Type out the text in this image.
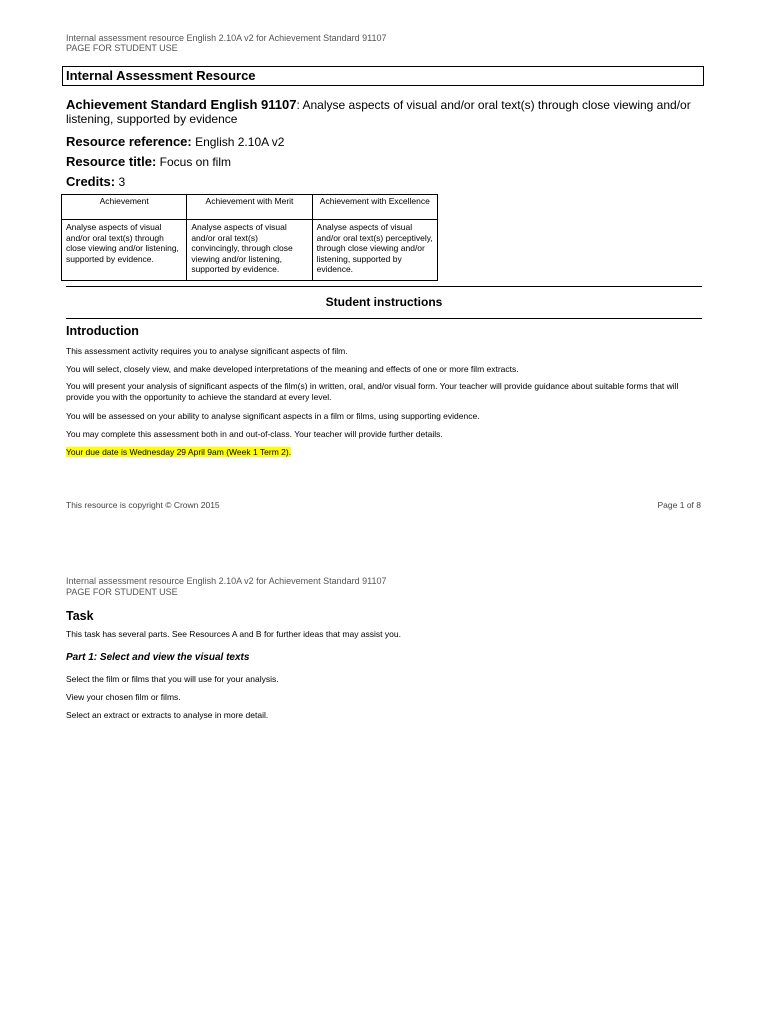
Internal assessment resource English 2.10A v2 for Achievement Standard 91107
PAGE FOR STUDENT USE
Internal Assessment Resource
Achievement Standard English 91107: Analyse aspects of visual and/or oral text(s) through close viewing and/or listening, supported by evidence
Resource reference: English 2.10A v2
Resource title: Focus on film
Credits: 3
Achievement	Achievement with Merit	Achievement with Excellence
Analyse aspects of visual and/or oral text(s) through close viewing and/or listening, supported by evidence.	Analyse aspects of visual and/or oral text(s) convincingly, through close viewing and/or listening, supported by evidence.	Analyse aspects of visual and/or oral text(s) perceptively, through close viewing and/or listening, supported by evidence.
Student instructions
Introduction
This assessment activity requires you to analyse significant aspects of film.
You will select, closely view, and make developed interpretations of the meaning and effects of one or more film extracts.
You will present your analysis of significant aspects of the film(s) in written, oral, and/or visual form. Your teacher will provide guidance about suitable forms that will provide you with the opportunity to achieve the standard at every level.
You will be assessed on your ability to analyse significant aspects in a film or films, using supporting evidence.
You may complete this assessment both in and out-of-class. Your teacher will provide further details.
Your due date is Wednesday 29 April 9am (Week 1 Term 2).
This resource is copyright © Crown 2015	Page 1 of 8
Internal assessment resource English 2.10A v2 for Achievement Standard 91107
PAGE FOR STUDENT USE
Task
This task has several parts. See Resources A and B for further ideas that may assist you.
Part 1: Select and view the visual texts
Select the film or films that you will use for your analysis.
View your chosen film or films.
Select an extract or extracts to analyse in more detail.
